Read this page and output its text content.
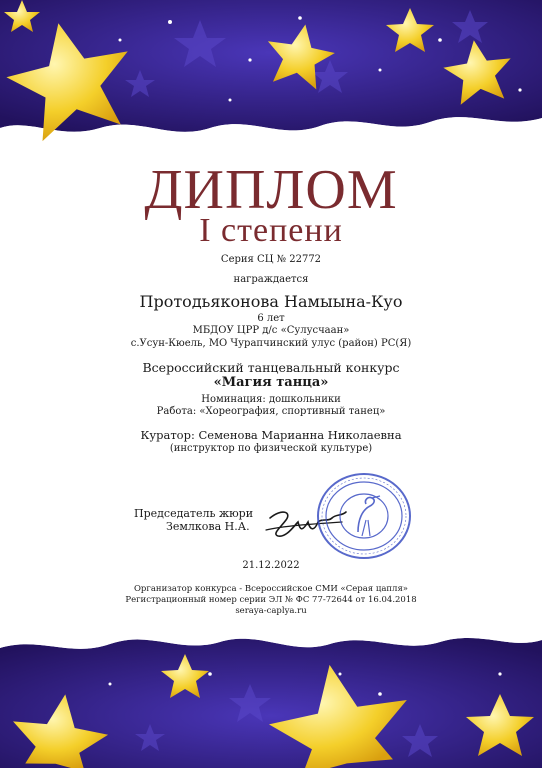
ДИПЛОМ
I степени
Серия СЦ № 22772
награждается
Протодьяконова Намыына-Куо
6 лет
МБДОУ ЦРР д/с «Сулусчаан»
с.Усун-Кюель, МО Чурапчинский улус (район) РС(Я)
Всероссийский танцевальный конкурс
«Магия танца»
Номинация: дошкольники
Работа: «Хореография, спортивный танец»
Куратор: Семенова Марианна Николаевна
(инструктор по физической культуре)
Председатель жюри
Землкова Н.А.
21.12.2022
Организатор конкурса - Всероссийское СМИ «Серая цапля»
Регистрационный номер серии ЭЛ № ФС 77-72644 от 16.04.2018
seraya-caplya.ru
